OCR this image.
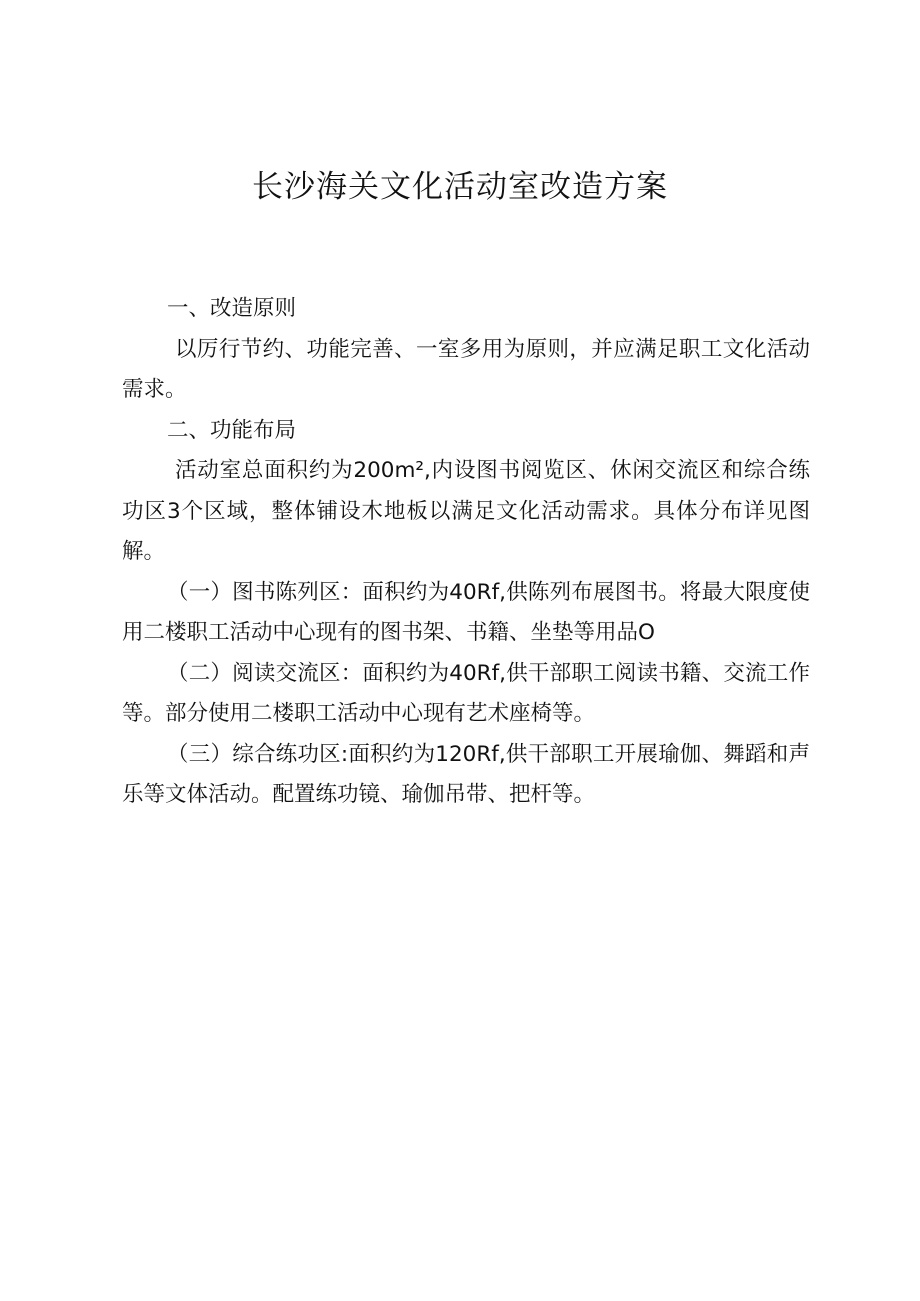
长沙海关文化活动室改造方案

一、改造原则

以厉行节约、功能完善、一室多用为原则，并应满足职工文化活动需求。

二、功能布局

活动室总面积约为200m²,内设图书阅览区、休闲交流区和综合练功区3个区域，整体铺设木地板以满足文化活动需求。具体分布详见图解。

（一）图书陈列区：面积约为40Rf,供陈列布展图书。将最大限度使用二楼职工活动中心现有的图书架、书籍、坐垫等用品O

（二）阅读交流区：面积约为40Rf,供干部职工阅读书籍、交流工作等。部分使用二楼职工活动中心现有艺术座椅等。

（三）综合练功区:面积约为120Rf,供干部职工开展瑜伽、舞蹈和声乐等文体活动。配置练功镜、瑜伽吊带、把杆等。
